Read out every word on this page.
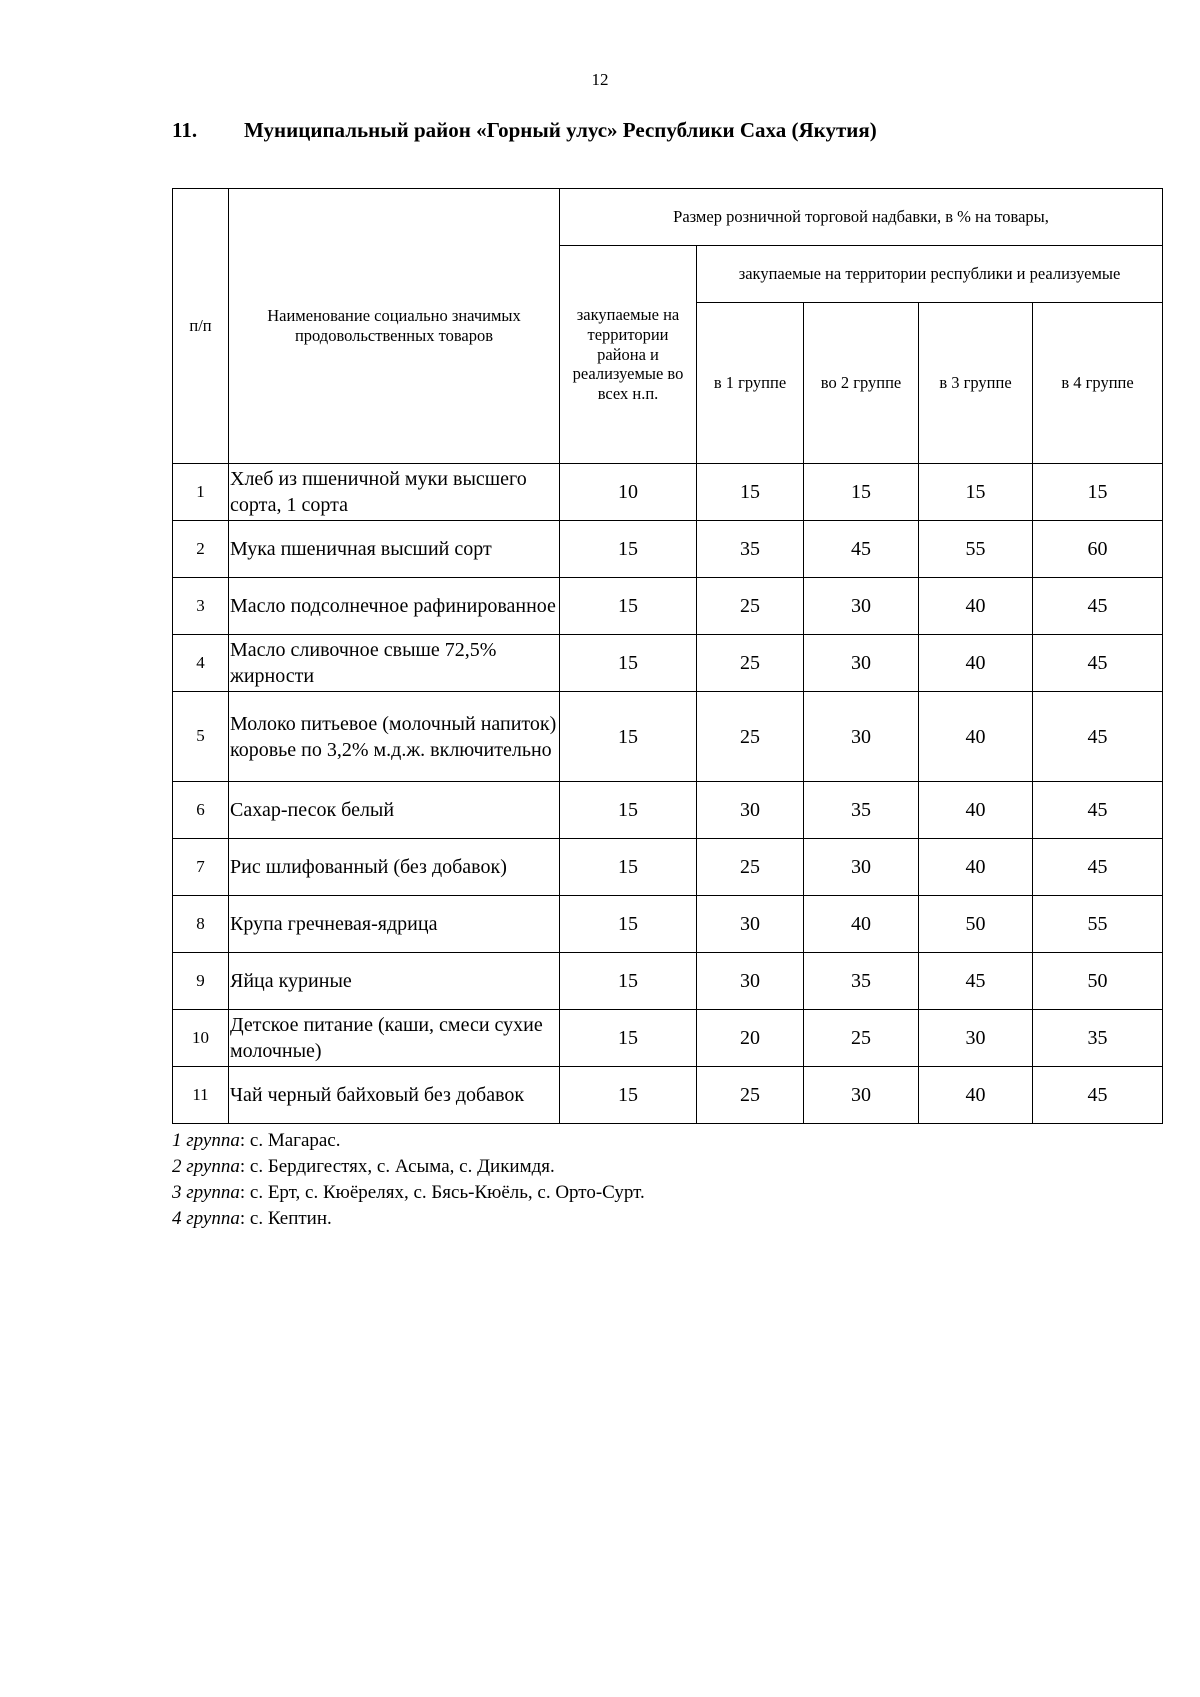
12
11. Муниципальный район «Горный улус» Республики Саха (Якутия)
п/п	Наименование социально значимых продовольственных товаров	Размер розничной торговой надбавки, в % на товары,				
		закупаемые на территории района и реализуемые во всех н.п.	закупаемые на территории республики и реализуемые			
			в 1 группе	во 2 группе	в 3 группе	в 4 группе
1	Хлеб из пшеничной муки высшего сорта, 1 сорта	10	15	15	15	15
2	Мука пшеничная высший сорт	15	35	45	55	60
3	Масло подсолнечное рафинированное	15	25	30	40	45
4	Масло сливочное свыше 72,5% жирности	15	25	30	40	45
5	Молоко питьевое (молочный напиток) коровье по 3,2% м.д.ж. включительно	15	25	30	40	45
6	Сахар-песок белый	15	30	35	40	45
7	Рис шлифованный (без добавок)	15	25	30	40	45
8	Крупа гречневая-ядрица	15	30	40	50	55
9	Яйца куриные	15	30	35	45	50
10	Детское питание (каши, смеси сухие молочные)	15	20	25	30	35
11	Чай черный байховый без добавок	15	25	30	40	45
1 группа: с. Магарас.
2 группа: с. Бердигестях, с. Асыма, с. Дикимдя.
3 группа: с. Ерт, с. Кюёрелях, с. Бясь-Кюёль, с. Орто-Сурт.
4 группа: с. Кептин.
